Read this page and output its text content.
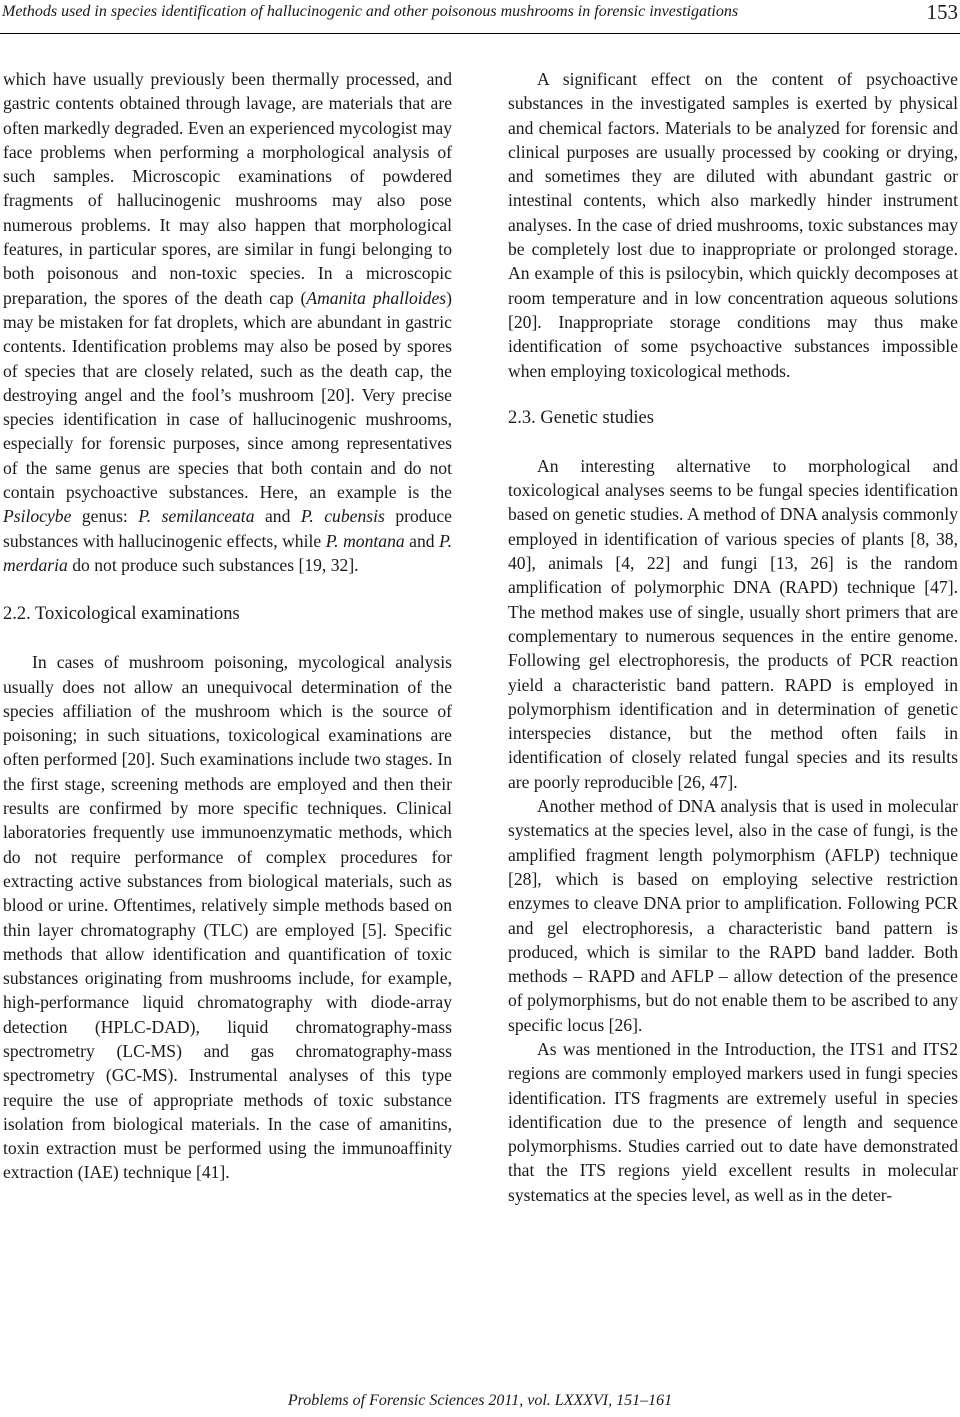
Methods used in species identification of hallucinogenic and other poisonous mushrooms in forensic investigations	153

which have usually previously been thermally processed, and gastric contents obtained through lavage, are materials that are often markedly degraded. Even an experienced mycologist may face problems when performing a morphological analysis of such samples. Microscopic examinations of powdered fragments of hallucinogenic mushrooms may also pose numerous problems. It may also happen that morphological features, in particular spores, are similar in fungi belonging to both poisonous and non-toxic species. In a microscopic preparation, the spores of the death cap (Amanita phalloides) may be mistaken for fat droplets, which are abundant in gastric contents. Identification problems may also be posed by spores of species that are closely related, such as the death cap, the destroying angel and the fool’s mushroom [20]. Very precise species identification in case of hallucinogenic mushrooms, especially for forensic purposes, since among representatives of the same genus are species that both contain and do not contain psychoactive substances. Here, an example is the Psilocybe genus: P. semilanceata and P. cubensis produce substances with hallucinogenic effects, while P. montana and P. merdaria do not produce such substances [19, 32].

2.2. Toxicological examinations

In cases of mushroom poisoning, mycological analysis usually does not allow an unequivocal determination of the species affiliation of the mushroom which is the source of poisoning; in such situations, toxicological examinations are often performed [20]. Such examinations include two stages. In the first stage, screening methods are employed and then their results are confirmed by more specific techniques. Clinical laboratories frequently use immunoenzymatic methods, which do not require performance of complex procedures for extracting active substances from biological materials, such as blood or urine. Oftentimes, relatively simple methods based on thin layer chromatography (TLC) are employed [5]. Specific methods that allow identification and quantification of toxic substances originating from mushrooms include, for example, high-performance liquid chromatography with diode-array detection (HPLC-DAD), liquid chromatography-mass spectrometry (LC-MS) and gas chromatography-mass spectrometry (GC-MS). Instrumental analyses of this type require the use of appropriate methods of toxic substance isolation from biological materials. In the case of amanitins, toxin extraction must be performed using the immunoaffinity extraction (IAE) technique [41].

A significant effect on the content of psychoactive substances in the investigated samples is exerted by physical and chemical factors. Materials to be analyzed for forensic and clinical purposes are usually processed by cooking or drying, and sometimes they are diluted with abundant gastric or intestinal contents, which also markedly hinder instrument analyses. In the case of dried mushrooms, toxic substances may be completely lost due to inappropriate or prolonged storage. An example of this is psilocybin, which quickly decomposes at room temperature and in low concentration aqueous solutions [20]. Inappropriate storage conditions may thus make identification of some psychoactive substances impossible when employing toxicological methods.

2.3. Genetic studies

An interesting alternative to morphological and toxicological analyses seems to be fungal species identification based on genetic studies. A method of DNA analysis commonly employed in identification of various species of plants [8, 38, 40], animals [4, 22] and fungi [13, 26] is the random amplification of polymorphic DNA (RAPD) technique [47]. The method makes use of single, usually short primers that are complementary to numerous sequences in the entire genome. Following gel electrophoresis, the products of PCR reaction yield a characteristic band pattern. RAPD is employed in polymorphism identification and in determination of genetic interspecies distance, but the method often fails in identification of closely related fungal species and its results are poorly reproducible [26, 47].

Another method of DNA analysis that is used in molecular systematics at the species level, also in the case of fungi, is the amplified fragment length polymorphism (AFLP) technique [28], which is based on employing selective restriction enzymes to cleave DNA prior to amplification. Following PCR and gel electrophoresis, a characteristic band pattern is produced, which is similar to the RAPD band ladder. Both methods – RAPD and AFLP – allow detection of the presence of polymorphisms, but do not enable them to be ascribed to any specific locus [26].

As was mentioned in the Introduction, the ITS1 and ITS2 regions are commonly employed markers used in fungi species identification. ITS fragments are extremely useful in species identification due to the presence of length and sequence polymorphisms. Studies carried out to date have demonstrated that the ITS regions yield excellent results in molecular systematics at the species level, as well as in the deter-

Problems of Forensic Sciences 2011, vol. LXXXVI, 151–161
